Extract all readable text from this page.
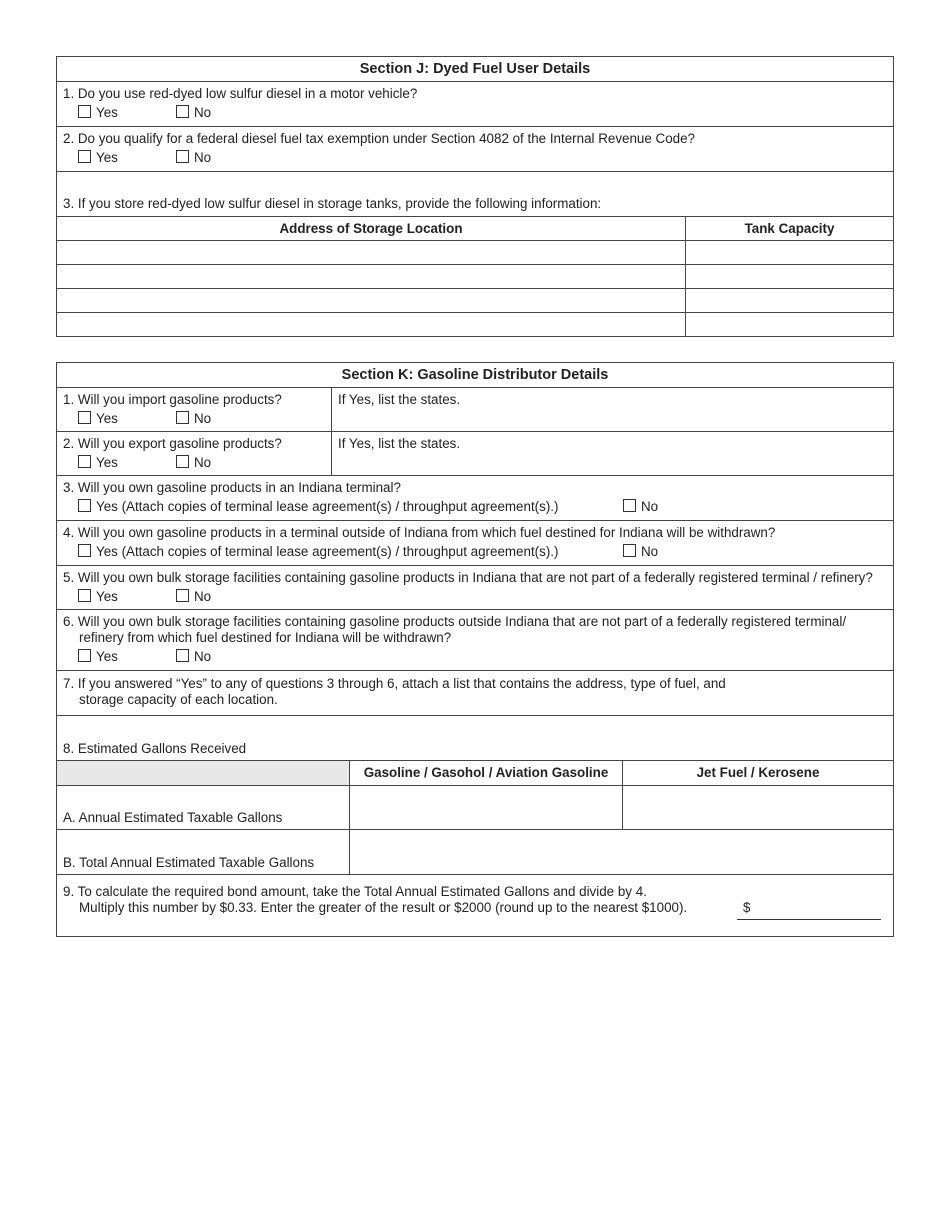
Section J: Dyed Fuel User Details
1. Do you use red-dyed low sulfur diesel in a motor vehicle?
Yes	No
2. Do you qualify for a federal diesel fuel tax exemption under Section 4082 of the Internal Revenue Code?
Yes	No
3. If you store red-dyed low sulfur diesel in storage tanks, provide the following information:
Address of Storage Location	Tank Capacity
Section K: Gasoline Distributor Details
1. Will you import gasoline products?
Yes	No
If Yes, list the states.
2. Will you export gasoline products?
Yes	No
If Yes, list the states.
3. Will you own gasoline products in an Indiana terminal?
Yes (Attach copies of terminal lease agreement(s) / throughput agreement(s).)	No
4. Will you own gasoline products in a terminal outside of Indiana from which fuel destined for Indiana will be withdrawn?
Yes (Attach copies of terminal lease agreement(s) / throughput agreement(s).)	No
5. Will you own bulk storage facilities containing gasoline products in Indiana that are not part of a federally registered terminal / refinery?
Yes	No
6. Will you own bulk storage facilities containing gasoline products outside Indiana that are not part of a federally registered terminal/
refinery from which fuel destined for Indiana will be withdrawn?
Yes	No
7. If you answered “Yes” to any of questions 3 through 6, attach a list that contains the address, type of fuel, and
storage capacity of each location.
8. Estimated Gallons Received
Gasoline / Gasohol / Aviation Gasoline	Jet Fuel / Kerosene
A. Annual Estimated Taxable Gallons
B. Total Annual Estimated Taxable Gallons
9. To calculate the required bond amount, take the Total Annual Estimated Gallons and divide by 4.
Multiply this number by $0.33. Enter the greater of the result or $2000 (round up to the nearest $1000).	$
